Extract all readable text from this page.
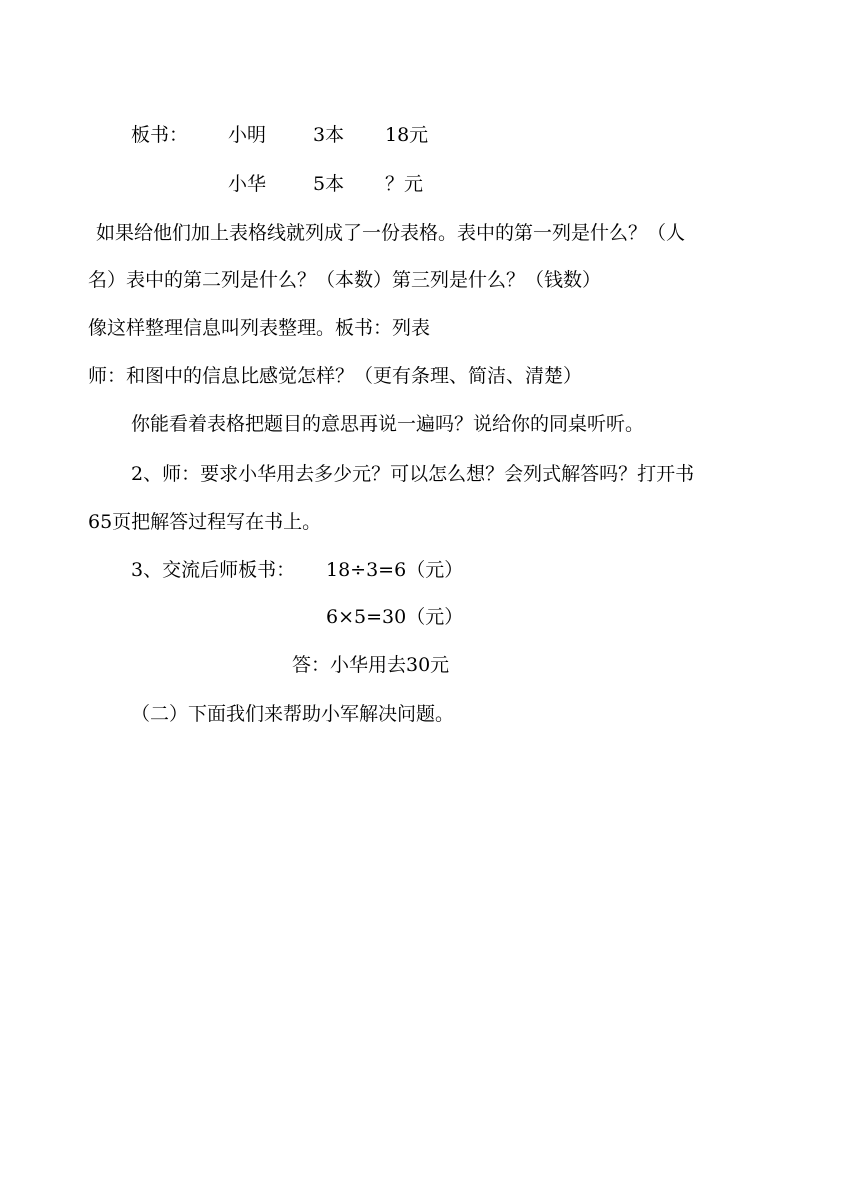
板书： 小明 3本 18元
小华 5本 ？元
如果给他们加上表格线就列成了一份表格。表中的第一列是什么？（人
名）表中的第二列是什么？（本数）第三列是什么？（钱数）
像这样整理信息叫列表整理。板书：列表
师：和图中的信息比感觉怎样？（更有条理、简洁、清楚）
你能看着表格把题目的意思再说一遍吗？说给你的同桌听听。
2、师：要求小华用去多少元？可以怎么想？会列式解答吗？打开书
65页把解答过程写在书上。
3、交流后师板书： 18÷3=6（元）
6×5=30（元）
答：小华用去30元
（二）下面我们来帮助小军解决问题。
